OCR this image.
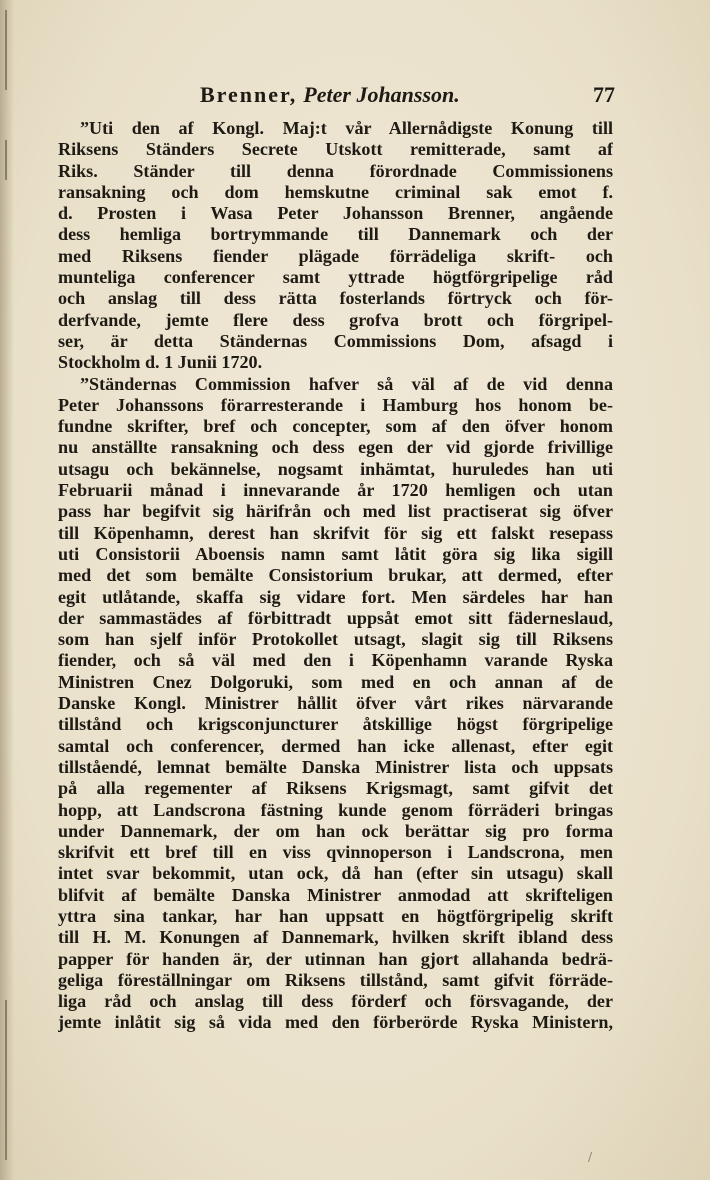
Brenner, Peter Johansson.	77
”Uti den af Kongl. Maj:t vår Allernådigste Konung till
Riksens Ständers Secrete Utskott remitterade, samt af
Riks. Ständer till denna förordnade Commissionens
ransakning och dom hemskutne criminal sak emot f.
d. Prosten i Wasa Peter Johansson Brenner, angående
dess hemliga bortrymmande till Dannemark och der
med Riksens fiender plägade förrädeliga skrift- och
munteliga conferencer samt yttrade högtförgripelige råd
och anslag till dess rätta fosterlands förtryck och för-
derfvande, jemte flere dess grofva brott och förgripel-
ser, är detta Ständernas Commissions Dom, afsagd i
Stockholm d. 1 Junii 1720.
”Ständernas Commission hafver så väl af de vid denna
Peter Johanssons förarresterande i Hamburg hos honom be-
fundne skrifter, bref och concepter, som af den öfver honom
nu anställte ransakning och dess egen der vid gjorde frivillige
utsagu och bekännelse, nogsamt inhämtat, huruledes han uti
Februarii månad i innevarande år 1720 hemligen och utan
pass har begifvit sig härifrån och med list practiserat sig öfver
till Köpenhamn, derest han skrifvit för sig ett falskt resepass
uti Consistorii Aboensis namn samt låtit göra sig lika sigill
med det som bemälte Consistorium brukar, att dermed, efter
egit utlåtande, skaffa sig vidare fort. Men särdeles har han
der sammastädes af förbittradt uppsåt emot sitt fäderneslaud,
som han sjelf inför Protokollet utsagt, slagit sig till Riksens
fiender, och så väl med den i Köpenhamn varande Ryska
Ministren Cnez Dolgoruki, som med en och annan af de
Danske Kongl. Ministrer hållit öfver vårt rikes närvarande
tillstånd och krigsconjuncturer åtskillige högst förgripelige
samtal och conferencer, dermed han icke allenast, efter egit
tillståendé, lemnat bemälte Danska Ministrer lista och uppsats
på alla regementer af Riksens Krigsmagt, samt gifvit det
hopp, att Landscrona fästning kunde genom förräderi bringas
under Dannemark, der om han ock berättar sig pro forma
skrifvit ett bref till en viss qvinnoperson i Landscrona, men
intet svar bekommit, utan ock, då han (efter sin utsagu) skall
blifvit af bemälte Danska Ministrer anmodad att skrifteligen
yttra sina tankar, har han uppsatt en högtförgripelig skrift
till H. M. Konungen af Dannemark, hvilken skrift ibland dess
papper för handen är, der utinnan han gjort allahanda bedrä-
geliga föreställningar om Riksens tillstånd, samt gifvit förräde-
liga råd och anslag till dess förderf och försvagande, der
jemte inlåtit sig så vida med den förberörde Ryska Ministern,
/
